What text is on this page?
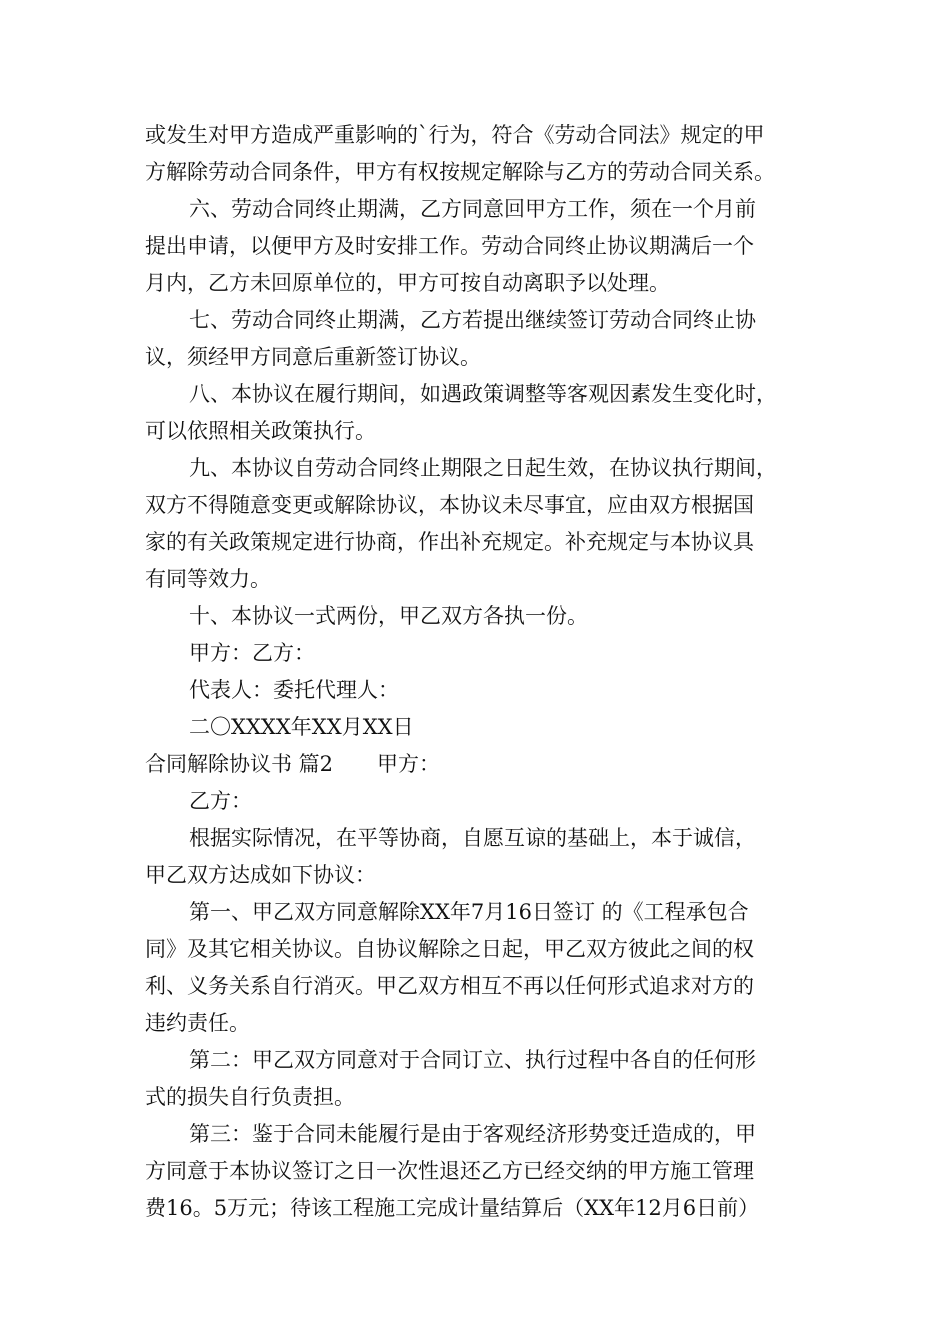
或发生对甲方造成严重影响的`行为，符合《劳动合同法》规定的甲
方解除劳动合同条件，甲方有权按规定解除与乙方的劳动合同关系。
六、劳动合同终止期满，乙方同意回甲方工作，须在一个月前
提出申请，以便甲方及时安排工作。劳动合同终止协议期满后一个
月内，乙方未回原单位的，甲方可按自动离职予以处理。
七、劳动合同终止期满，乙方若提出继续签订劳动合同终止协
议，须经甲方同意后重新签订协议。
八、本协议在履行期间，如遇政策调整等客观因素发生变化时，
可以依照相关政策执行。
九、本协议自劳动合同终止期限之日起生效，在协议执行期间，
双方不得随意变更或解除协议，本协议未尽事宜，应由双方根据国
家的有关政策规定进行协商，作出补充规定。补充规定与本协议具
有同等效力。
十、本协议一式两份，甲乙双方各执一份。
甲方：乙方：
代表人：委托代理人：
二〇XXXX年XX月XX日
合同解除协议书 篇2 甲方：
乙方：
根据实际情况，在平等协商，自愿互谅的基础上，本于诚信，
甲乙双方达成如下协议：
第一、甲乙双方同意解除XX年7月16日签订 的《工程承包合
同》及其它相关协议。自协议解除之日起，甲乙双方彼此之间的权
利、义务关系自行消灭。甲乙双方相互不再以任何形式追求对方的
违约责任。
第二：甲乙双方同意对于合同订立、执行过程中各自的任何形
式的损失自行负责担。
第三：鉴于合同未能履行是由于客观经济形势变迁造成的，甲
方同意于本协议签订之日一次性退还乙方已经交纳的甲方施工管理
费16。5万元；待该工程施工完成计量结算后（XX年12月6日前）
